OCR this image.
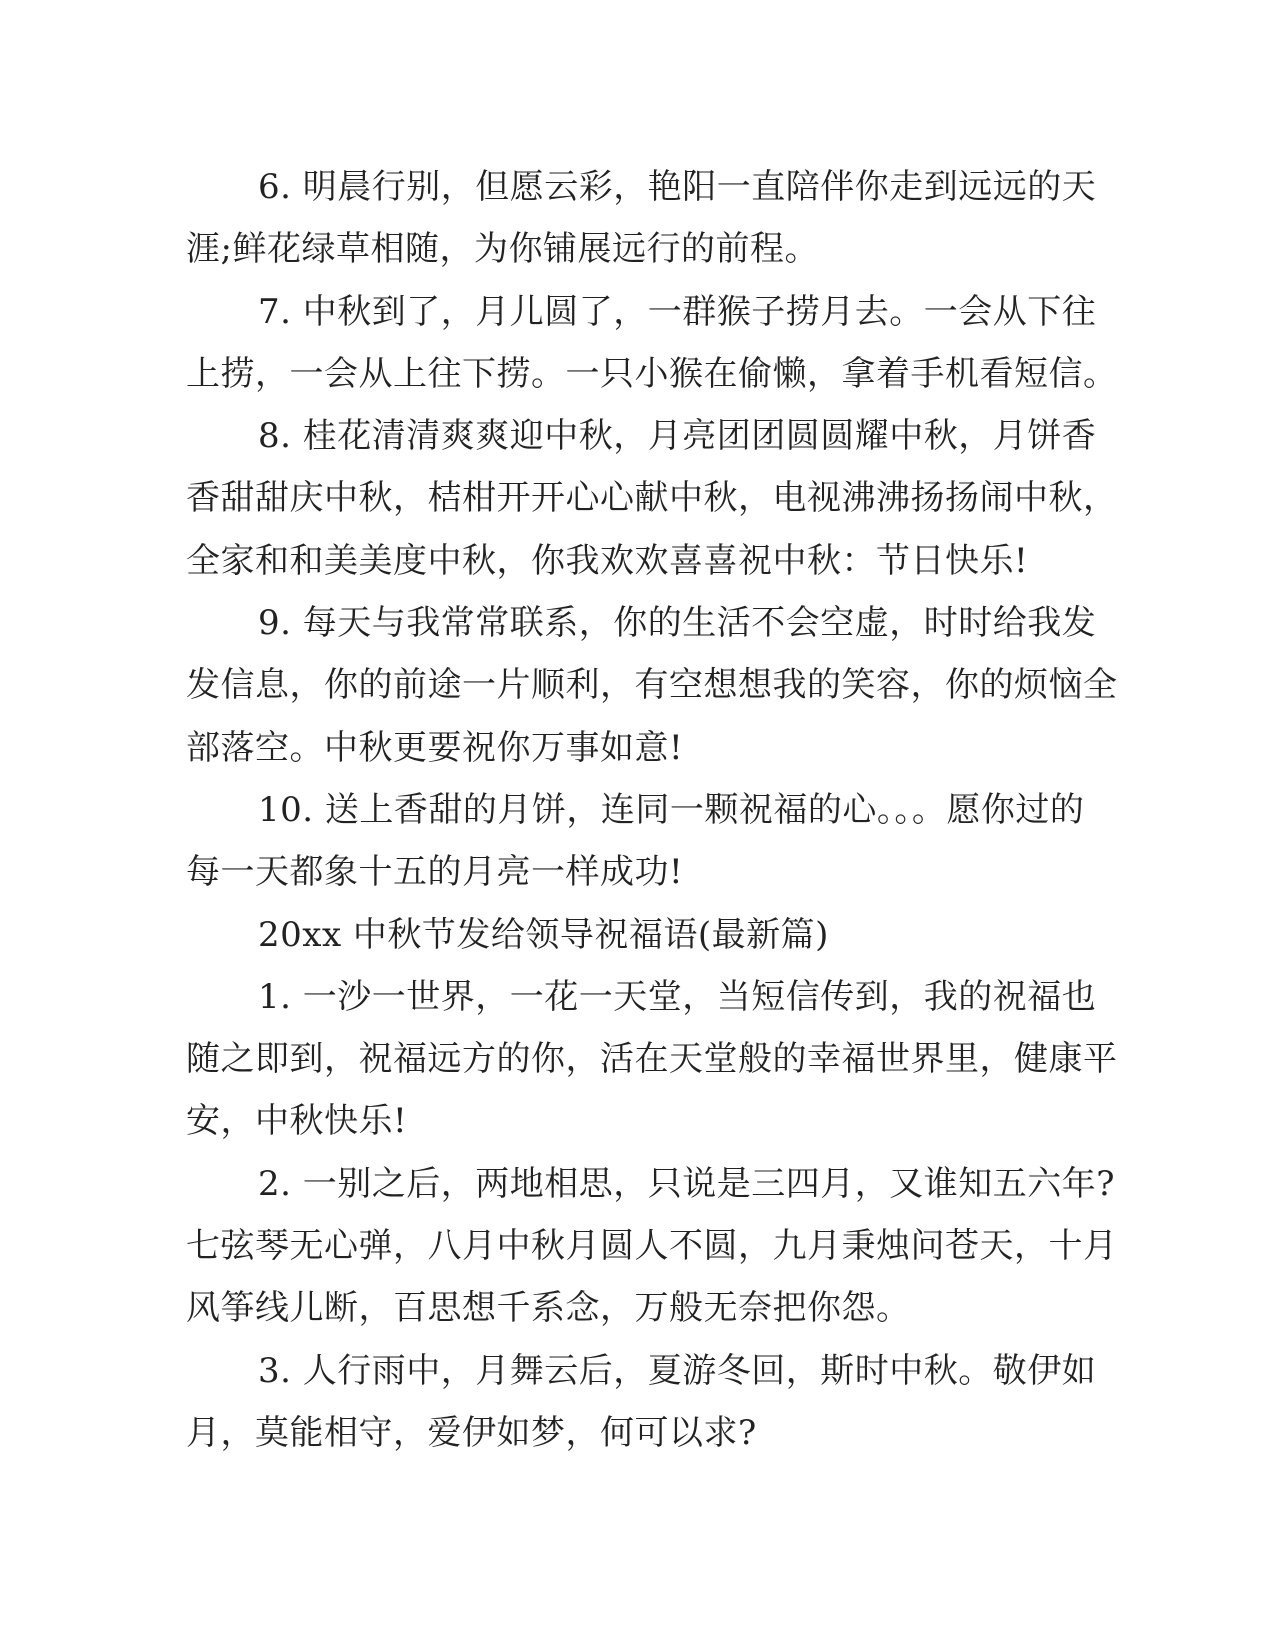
6. 明晨行别，但愿云彩，艳阳一直陪伴你走到远远的天
涯;鲜花绿草相随，为你铺展远行的前程。
7. 中秋到了，月儿圆了，一群猴子捞月去。一会从下往
上捞，一会从上往下捞。一只小猴在偷懒，拿着手机看短信。
8. 桂花清清爽爽迎中秋，月亮团团圆圆耀中秋，月饼香
香甜甜庆中秋，桔柑开开心心献中秋，电视沸沸扬扬闹中秋，
全家和和美美度中秋，你我欢欢喜喜祝中秋：节日快乐!
9. 每天与我常常联系，你的生活不会空虚，时时给我发
发信息，你的前途一片顺利，有空想想我的笑容，你的烦恼全
部落空。中秋更要祝你万事如意!
10. 送上香甜的月饼，连同一颗祝福的心。。。愿你过的
每一天都象十五的月亮一样成功!
20xx 中秋节发给领导祝福语(最新篇)
1. 一沙一世界，一花一天堂，当短信传到，我的祝福也
随之即到，祝福远方的你，活在天堂般的幸福世界里，健康平
安，中秋快乐!
2. 一别之后，两地相思，只说是三四月，又谁知五六年?
七弦琴无心弹，八月中秋月圆人不圆，九月秉烛问苍天，十月
风筝线儿断，百思想千系念，万般无奈把你怨。
3. 人行雨中，月舞云后，夏游冬回，斯时中秋。敬伊如
月，莫能相守，爱伊如梦，何可以求?
